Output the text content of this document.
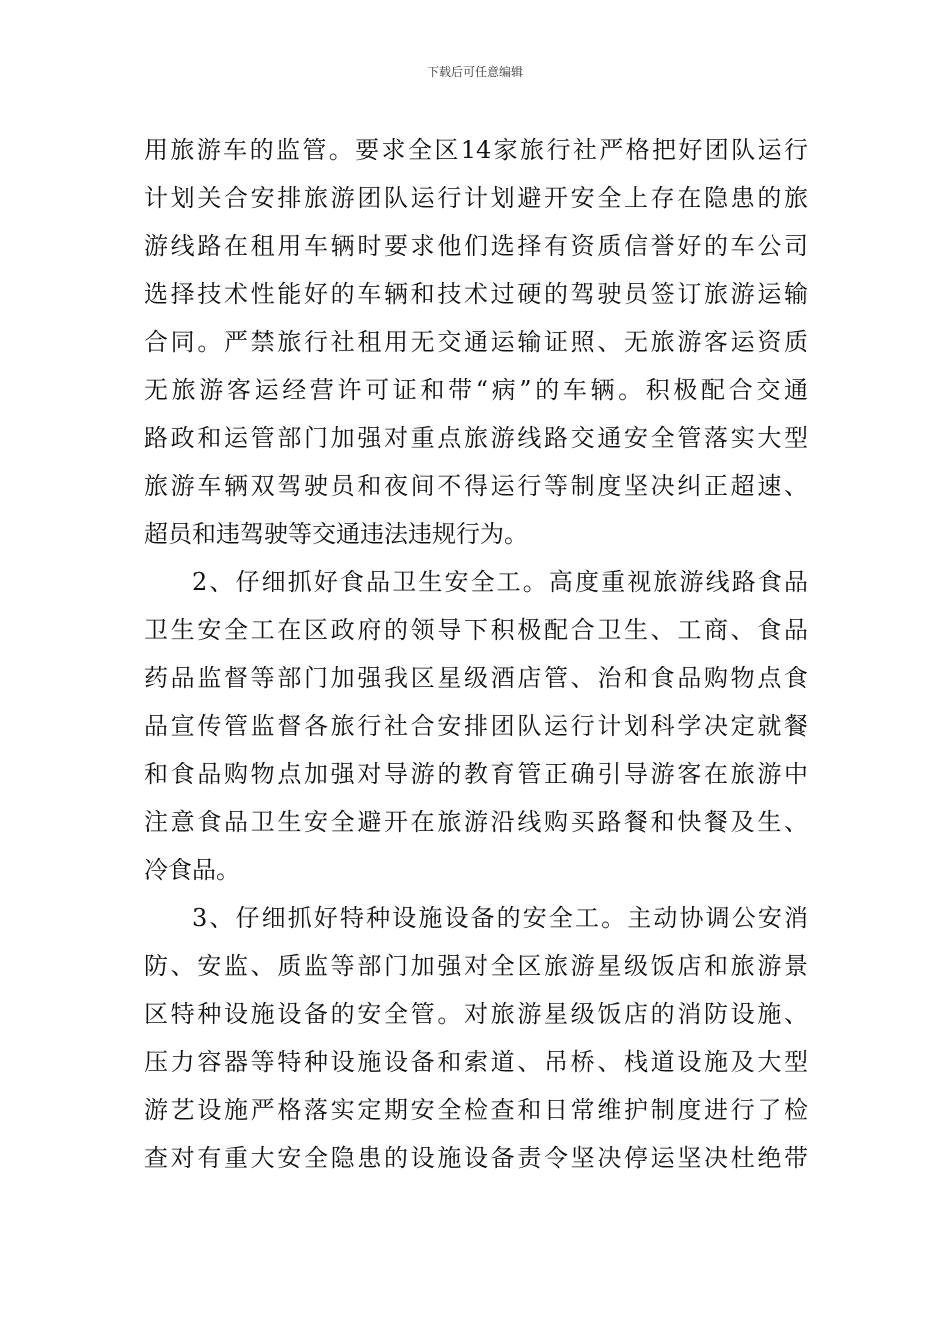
下载后可任意编辑
用旅游车的监管。要求全区14家旅行社严格把好团队运行
计划关合安排旅游团队运行计划避开安全上存在隐患的旅
游线路在租用车辆时要求他们选择有资质信誉好的车公司
选择技术性能好的车辆和技术过硬的驾驶员签订旅游运输
合同。严禁旅行社租用无交通运输证照、无旅游客运资质
无旅游客运经营许可证和带“病”的车辆。积极配合交通
路政和运管部门加强对重点旅游线路交通安全管落实大型
旅游车辆双驾驶员和夜间不得运行等制度坚决纠正超速、
超员和违驾驶等交通违法违规行为。
2、仔细抓好食品卫生安全工。高度重视旅游线路食品
卫生安全工在区政府的领导下积极配合卫生、工商、食品
药品监督等部门加强我区星级酒店管、治和食品购物点食
品宣传管监督各旅行社合安排团队运行计划科学决定就餐
和食品购物点加强对导游的教育管正确引导游客在旅游中
注意食品卫生安全避开在旅游沿线购买路餐和快餐及生、
冷食品。
3、仔细抓好特种设施设备的安全工。主动协调公安消
防、安监、质监等部门加强对全区旅游星级饭店和旅游景
区特种设施设备的安全管。对旅游星级饭店的消防设施、
压力容器等特种设施设备和索道、吊桥、栈道设施及大型
游艺设施严格落实定期安全检查和日常维护制度进行了检
查对有重大安全隐患的设施设备责令坚决停运坚决杜绝带
